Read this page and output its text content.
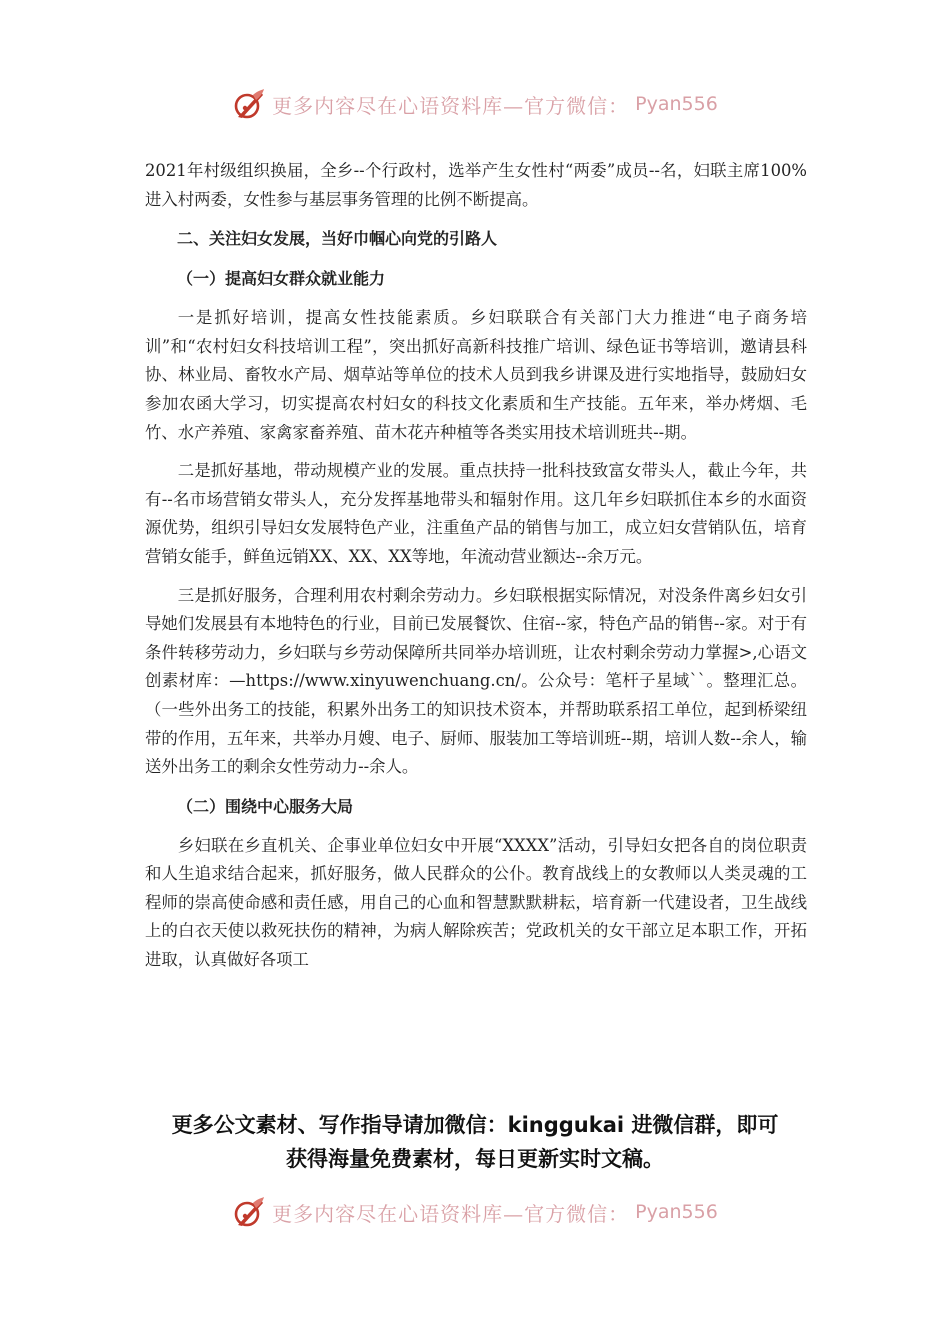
更多内容尽在心语资料库—官方微信： Pyan556

2021年村级组织换届，全乡--个行政村，选举产生女性村“两委”成员--名，妇联主席100%进入村两委，女性参与基层事务管理的比例不断提高。

二、关注妇女发展，当好巾帼心向党的引路人
（一）提高妇女群众就业能力

一是抓好培训，提高女性技能素质。乡妇联联合有关部门大力推进“电子商务培训”和“农村妇女科技培训工程”，突出抓好高新科技推广培训、绿色证书等培训，邀请县科协、林业局、畜牧水产局、烟草站等单位的技术人员到我乡讲课及进行实地指导，鼓励妇女参加农函大学习，切实提高农村妇女的科技文化素质和生产技能。五年来，举办烤烟、毛竹、水产养殖、家禽家畜养殖、苗木花卉种植等各类实用技术培训班共--期。

二是抓好基地，带动规模产业的发展。重点扶持一批科技致富女带头人，截止今年，共有--名市场营销女带头人，充分发挥基地带头和辐射作用。这几年乡妇联抓住本乡的水面资源优势，组织引导妇女发展特色产业，注重鱼产品的销售与加工，成立妇女营销队伍，培育营销女能手，鲜鱼远销XX、XX、XX等地，年流动营业额达--余万元。

三是抓好服务，合理利用农村剩余劳动力。乡妇联根据实际情况，对没条件离乡妇女引导她们发展县有本地特色的行业，目前已发展餐饮、住宿--家，特色产品的销售--家。对于有条件转移劳动力，乡妇联与乡劳动保障所共同举办培训班，让农村剩余劳动力掌握>,心语文创素材库：—https://www.xinyuwenchuang.cn/。公众号：笔杆子星域``。整理汇总。（一些外出务工的技能，积累外出务工的知识技术资本，并帮助联系招工单位，起到桥梁纽带的作用，五年来，共举办月嫂、电子、厨师、服装加工等培训班--期，培训人数--余人，输送外出务工的剩余女性劳动力--余人。

（二）围绕中心服务大局

乡妇联在乡直机关、企事业单位妇女中开展“XXXX”活动，引导妇女把各自的岗位职责和人生追求结合起来，抓好服务，做人民群众的公仆。教育战线上的女教师以人类灵魂的工程师的崇高使命感和责任感，用自己的心血和智慧默默耕耘，培育新一代建设者，卫生战线上的白衣天使以救死扶伤的精神，为病人解除疾苦；党政机关的女干部立足本职工作，开拓进取，认真做好各项工

更多公文素材、写作指导请加微信：kinggukai 进微信群，即可
获得海量免费素材，每日更新实时文稿。
更多内容尽在心语资料库—官方微信： Pyan556
